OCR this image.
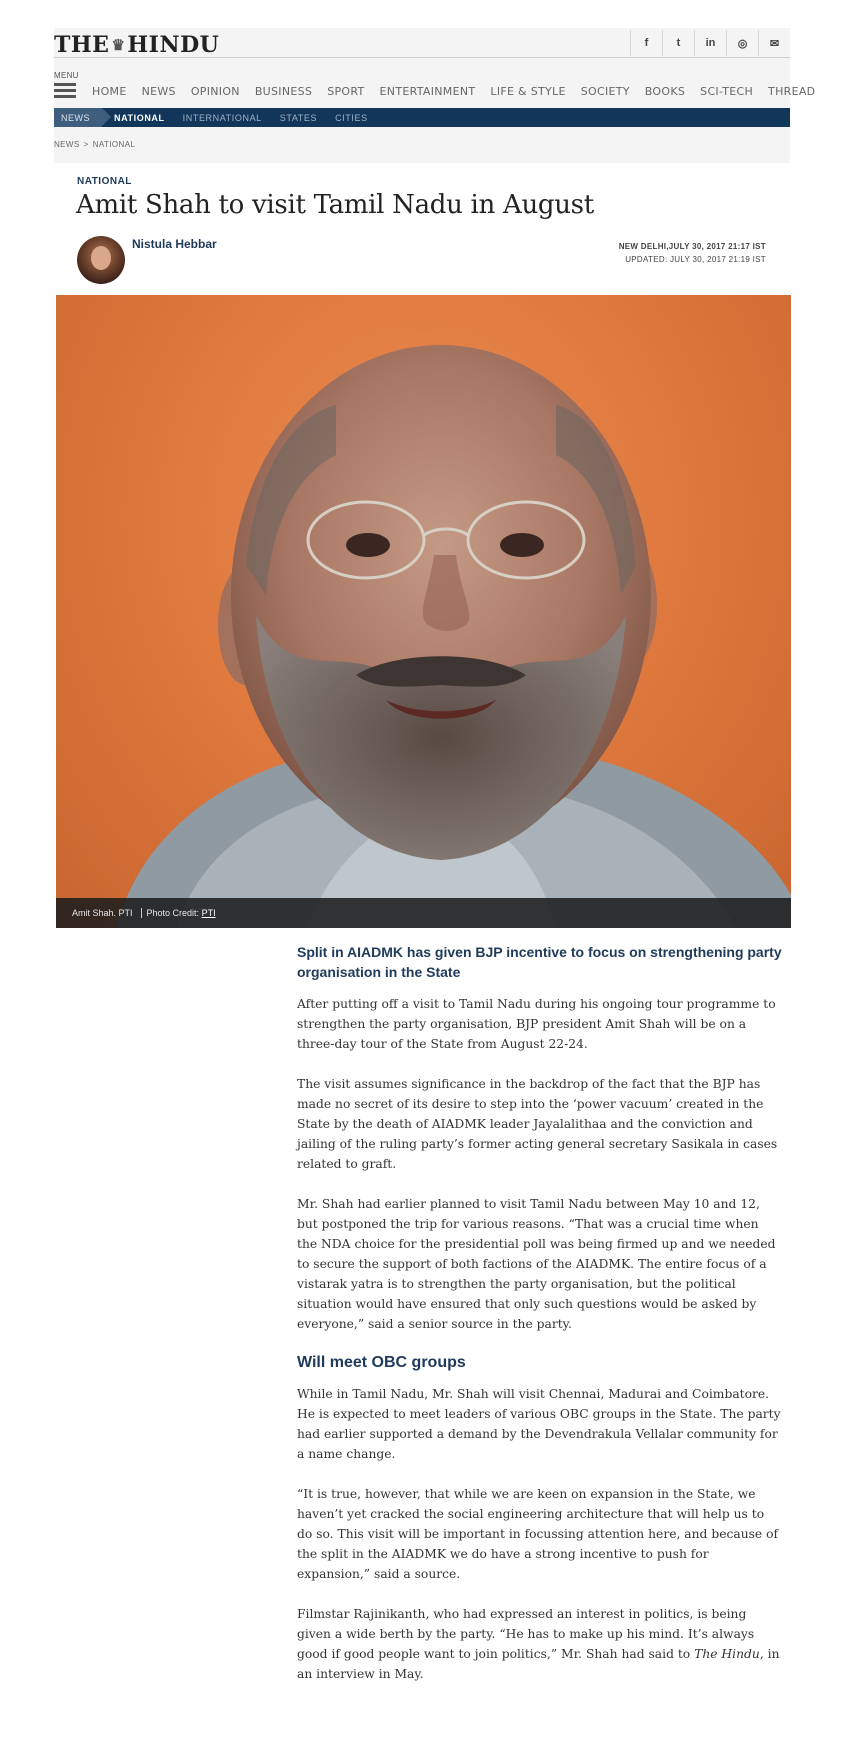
THE ♛HINDU	f	t	in	◎	✉
MENU
HOME NEWS OPINION BUSINESS SPORT ENTERTAINMENT LIFE & STYLE SOCIETY BOOKS SCI-TECH THREAD
NEWS	NATIONAL INTERNATIONAL STATES CITIES
NEWS > NATIONAL
NATIONAL
Amit Shah to visit Tamil Nadu in August
Nistula Hebbar	NEW DELHI,JULY 30, 2017 21:17 IST
UPDATED: JULY 30, 2017 21:19 IST
Amit Shah. PTI Photo Credit: PTI

Split in AIADMK has given BJP incentive to focus on strengthening party organisation in the State

After putting off a visit to Tamil Nadu during his ongoing tour programme to strengthen the party organisation, BJP president Amit Shah will be on a three-day tour of the State from August 22-24.

The visit assumes significance in the backdrop of the fact that the BJP has made no secret of its desire to step into the ‘power vacuum’ created in the State by the death of AIADMK leader Jayalalithaa and the conviction and jailing of the ruling party’s former acting general secretary Sasikala in cases related to graft.

Mr. Shah had earlier planned to visit Tamil Nadu between May 10 and 12, but postponed the trip for various reasons. “That was a crucial time when the NDA choice for the presidential poll was being firmed up and we needed to secure the support of both factions of the AIADMK. The entire focus of a vistarak yatra is to strengthen the party organisation, but the political situation would have ensured that only such questions would be asked by everyone,” said a senior source in the party.

Will meet OBC groups

While in Tamil Nadu, Mr. Shah will visit Chennai, Madurai and Coimbatore. He is expected to meet leaders of various OBC groups in the State. The party had earlier supported a demand by the Devendrakula Vellalar community for a name change.

“It is true, however, that while we are keen on expansion in the State, we haven’t yet cracked the social engineering architecture that will help us to do so. This visit will be important in focussing attention here, and because of the split in the AIADMK we do have a strong incentive to push for expansion,” said a source.

Filmstar Rajinikanth, who had expressed an interest in politics, is being given a wide berth by the party. “He has to make up his mind. It’s always good if good people want to join politics,” Mr. Shah had said to The Hindu, in an interview in May.
